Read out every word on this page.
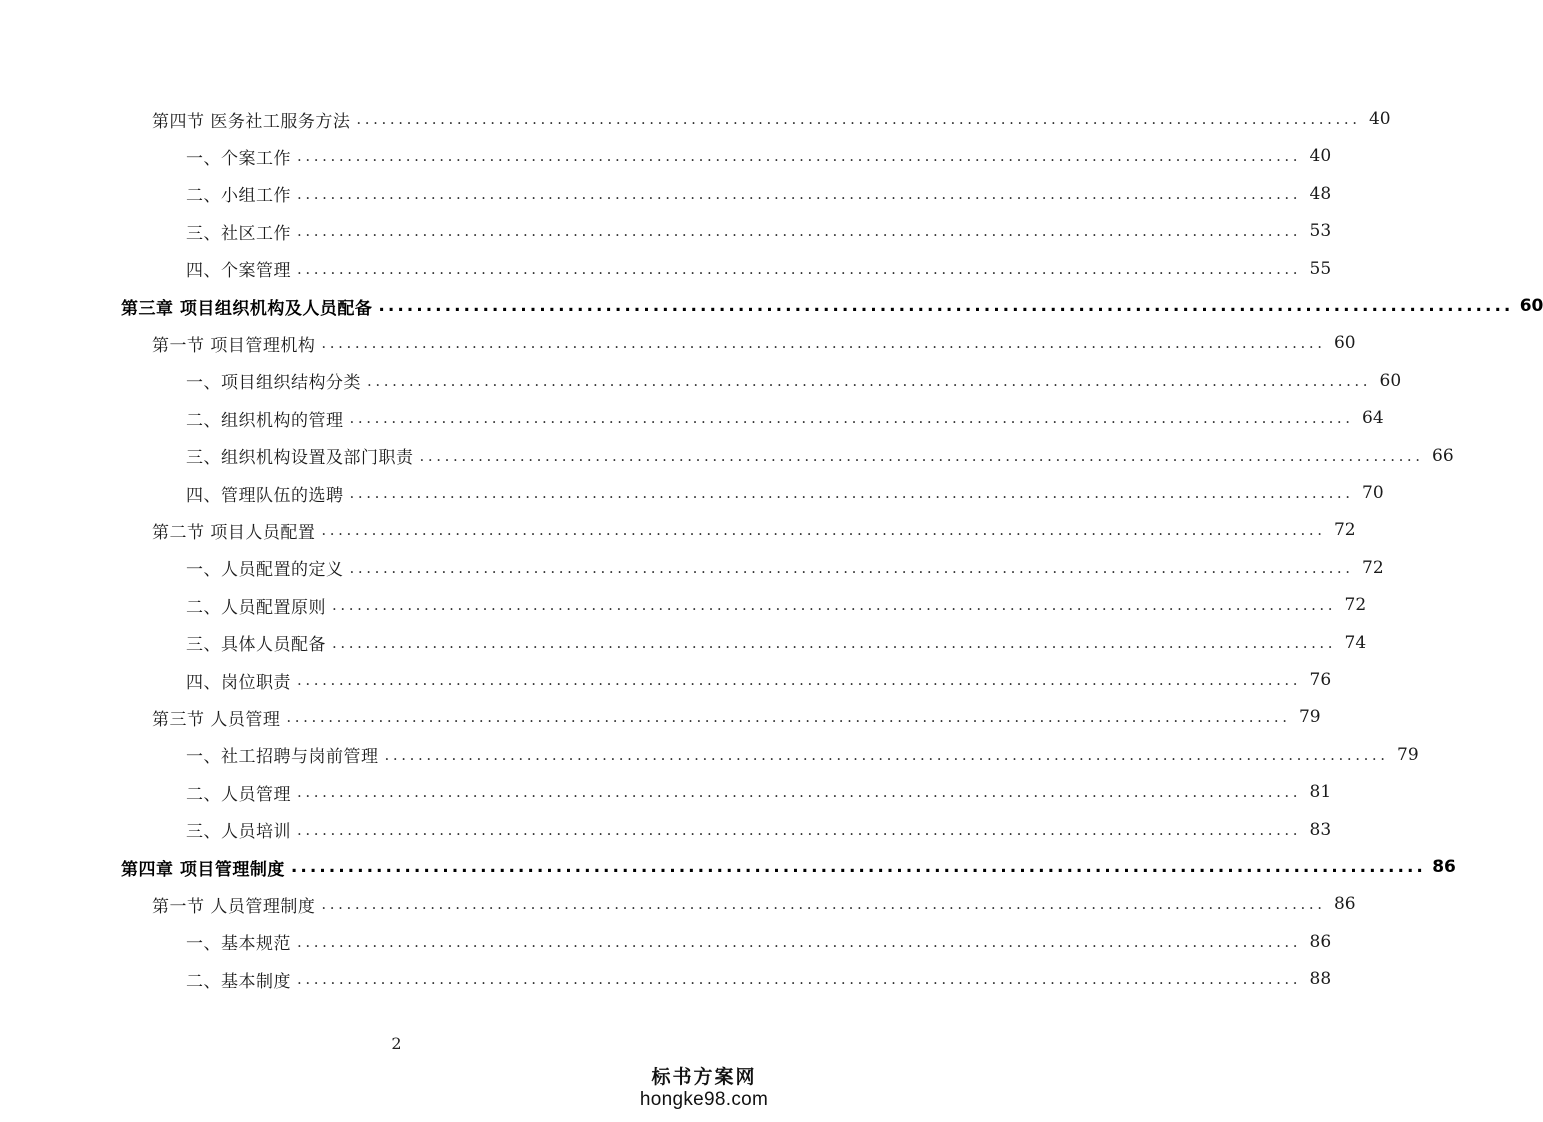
第四节 医务社工服务方法 ........................................................................................................................ 40
一、个案工作 ........................................................................................................................ 40
二、小组工作 ........................................................................................................................ 48
三、社区工作 ........................................................................................................................ 53
四、个案管理 ........................................................................................................................ 55
第三章 项目组织机构及人员配备 ........................................................................................................................ 60
第一节 项目管理机构 ........................................................................................................................ 60
一、项目组织结构分类 ........................................................................................................................ 60
二、组织机构的管理 ........................................................................................................................ 64
三、组织机构设置及部门职责 ........................................................................................................................ 66
四、管理队伍的选聘 ........................................................................................................................ 70
第二节 项目人员配置 ........................................................................................................................ 72
一、人员配置的定义 ........................................................................................................................ 72
二、人员配置原则 ........................................................................................................................ 72
三、具体人员配备 ........................................................................................................................ 74
四、岗位职责 ........................................................................................................................ 76
第三节 人员管理 ........................................................................................................................ 79
一、社工招聘与岗前管理 ........................................................................................................................ 79
二、人员管理 ........................................................................................................................ 81
三、人员培训 ........................................................................................................................ 83
第四章 项目管理制度 ........................................................................................................................ 86
第一节 人员管理制度 ........................................................................................................................ 86
一、基本规范 ........................................................................................................................ 86
二、基本制度 ........................................................................................................................ 88
2
标书方案网
hongke98.com
